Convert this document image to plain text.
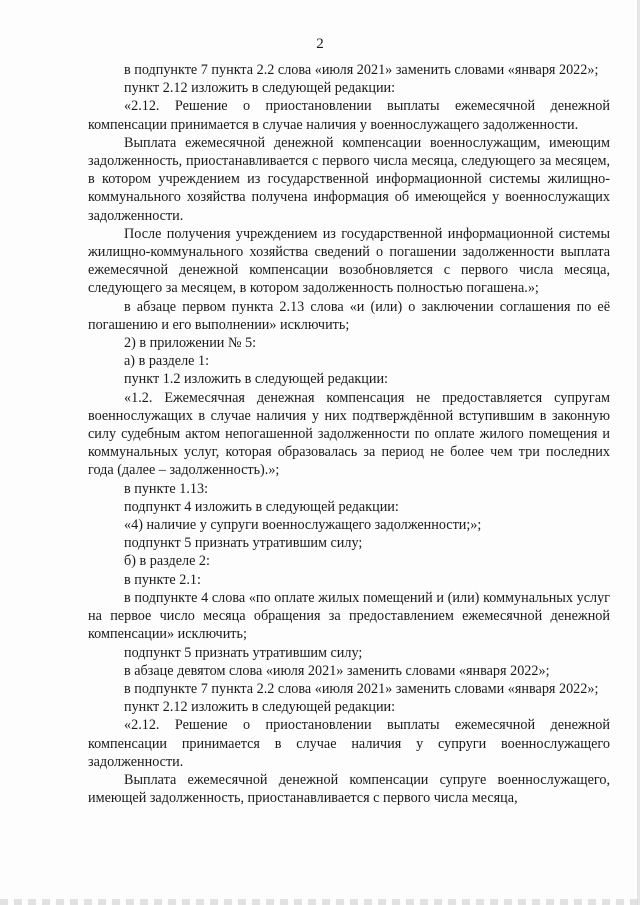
2

в подпункте 7 пункта 2.2 слова «июля 2021» заменить словами «января 2022»;

пункт 2.12 изложить в следующей редакции:

«2.12. Решение о приостановлении выплаты ежемесячной денежной компенсации принимается в случае наличия у военнослужащего задолженности.

Выплата ежемесячной денежной компенсации военнослужащим, имеющим задолженность, приостанавливается с первого числа месяца, следующего за месяцем, в котором учреждением из государственной информационной системы жилищно-коммунального хозяйства получена информация об имеющейся у военнослужащих задолженности.

После получения учреждением из государственной информационной системы жилищно-коммунального хозяйства сведений о погашении задолженности выплата ежемесячной денежной компенсации возобновляется с первого числа месяца, следующего за месяцем, в котором задолженность полностью погашена.»;

в абзаце первом пункта 2.13 слова «и (или) о заключении соглашения по её погашению и его выполнении» исключить;

2) в приложении № 5:

а) в разделе 1:

пункт 1.2 изложить в следующей редакции:

«1.2. Ежемесячная денежная компенсация не предоставляется супругам военнослужащих в случае наличия у них подтверждённой вступившим в законную силу судебным актом непогашенной задолженности по оплате жилого помещения и коммунальных услуг, которая образовалась за период не более чем три последних года (далее – задолженность).»;

в пункте 1.13:

подпункт 4 изложить в следующей редакции:

«4) наличие у супруги военнослужащего задолженности;»;

подпункт 5 признать утратившим силу;

б) в разделе 2:

в пункте 2.1:

в подпункте 4 слова «по оплате жилых помещений и (или) коммунальных услуг на первое число месяца обращения за предоставлением ежемесячной денежной компенсации» исключить;

подпункт 5 признать утратившим силу;

в абзаце девятом слова «июля 2021» заменить словами «января 2022»;

в подпункте 7 пункта 2.2 слова «июля 2021» заменить словами «января 2022»;

пункт 2.12 изложить в следующей редакции:

«2.12. Решение о приостановлении выплаты ежемесячной денежной компенсации принимается в случае наличия у супруги военнослужащего задолженности.

Выплата ежемесячной денежной компенсации супруге военнослужащего, имеющей задолженность, приостанавливается с первого числа месяца,
